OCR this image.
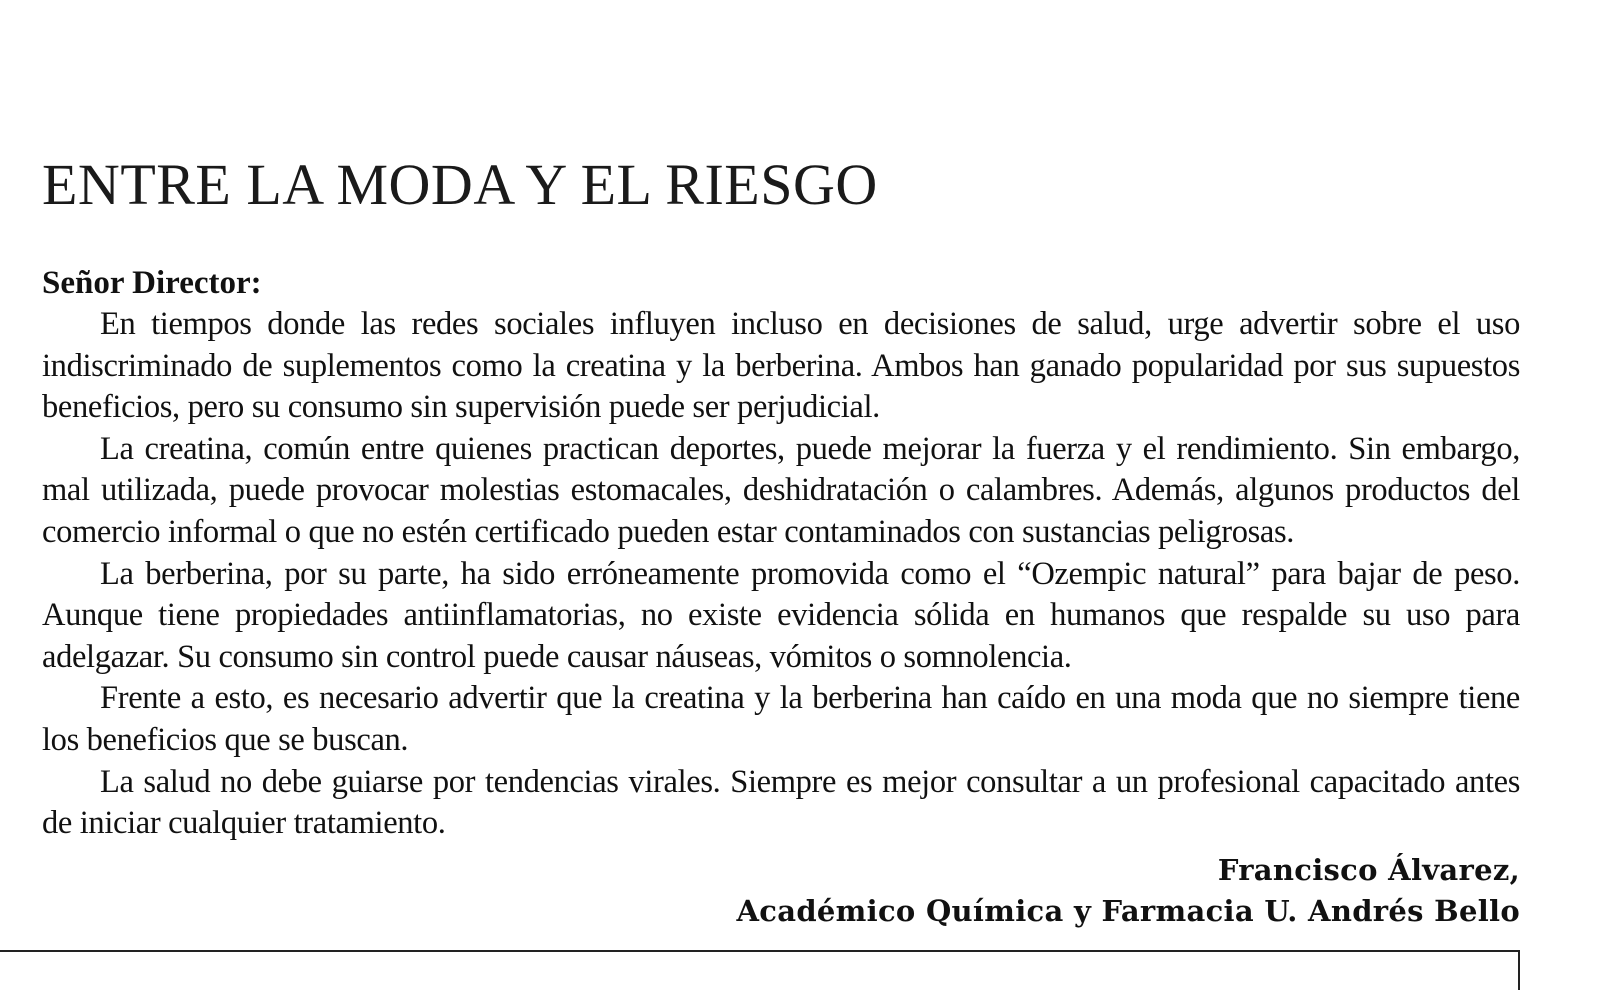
ENTRE LA MODA Y EL RIESGO
Señor Director:

En tiempos donde las redes sociales influyen incluso en decisiones de salud, urge advertir sobre el uso indiscriminado de suplementos como la creatina y la berberina. Ambos han ganado popularidad por sus supuestos beneficios, pero su consumo sin supervisión puede ser perjudicial.

La creatina, común entre quienes practican deportes, puede mejorar la fuerza y el rendimiento. Sin embargo, mal utilizada, puede provocar molestias estomacales, deshidratación o calambres. Además, algunos productos del comercio informal o que no estén certificado pueden estar contaminados con sustancias peligrosas.

La berberina, por su parte, ha sido erróneamente promovida como el “Ozempic natural” para bajar de peso. Aunque tiene propiedades antiinflamatorias, no existe evidencia sólida en humanos que respalde su uso para adelgazar. Su consumo sin control puede causar náuseas, vómitos o somnolencia.

Frente a esto, es necesario advertir que la creatina y la berberina han caído en una moda que no siempre tiene los beneficios que se buscan.

La salud no debe guiarse por tendencias virales. Siempre es mejor consultar a un profesional capacitado antes de iniciar cualquier tratamiento.

Francisco Álvarez,
Académico Química y Farmacia U. Andrés Bello
